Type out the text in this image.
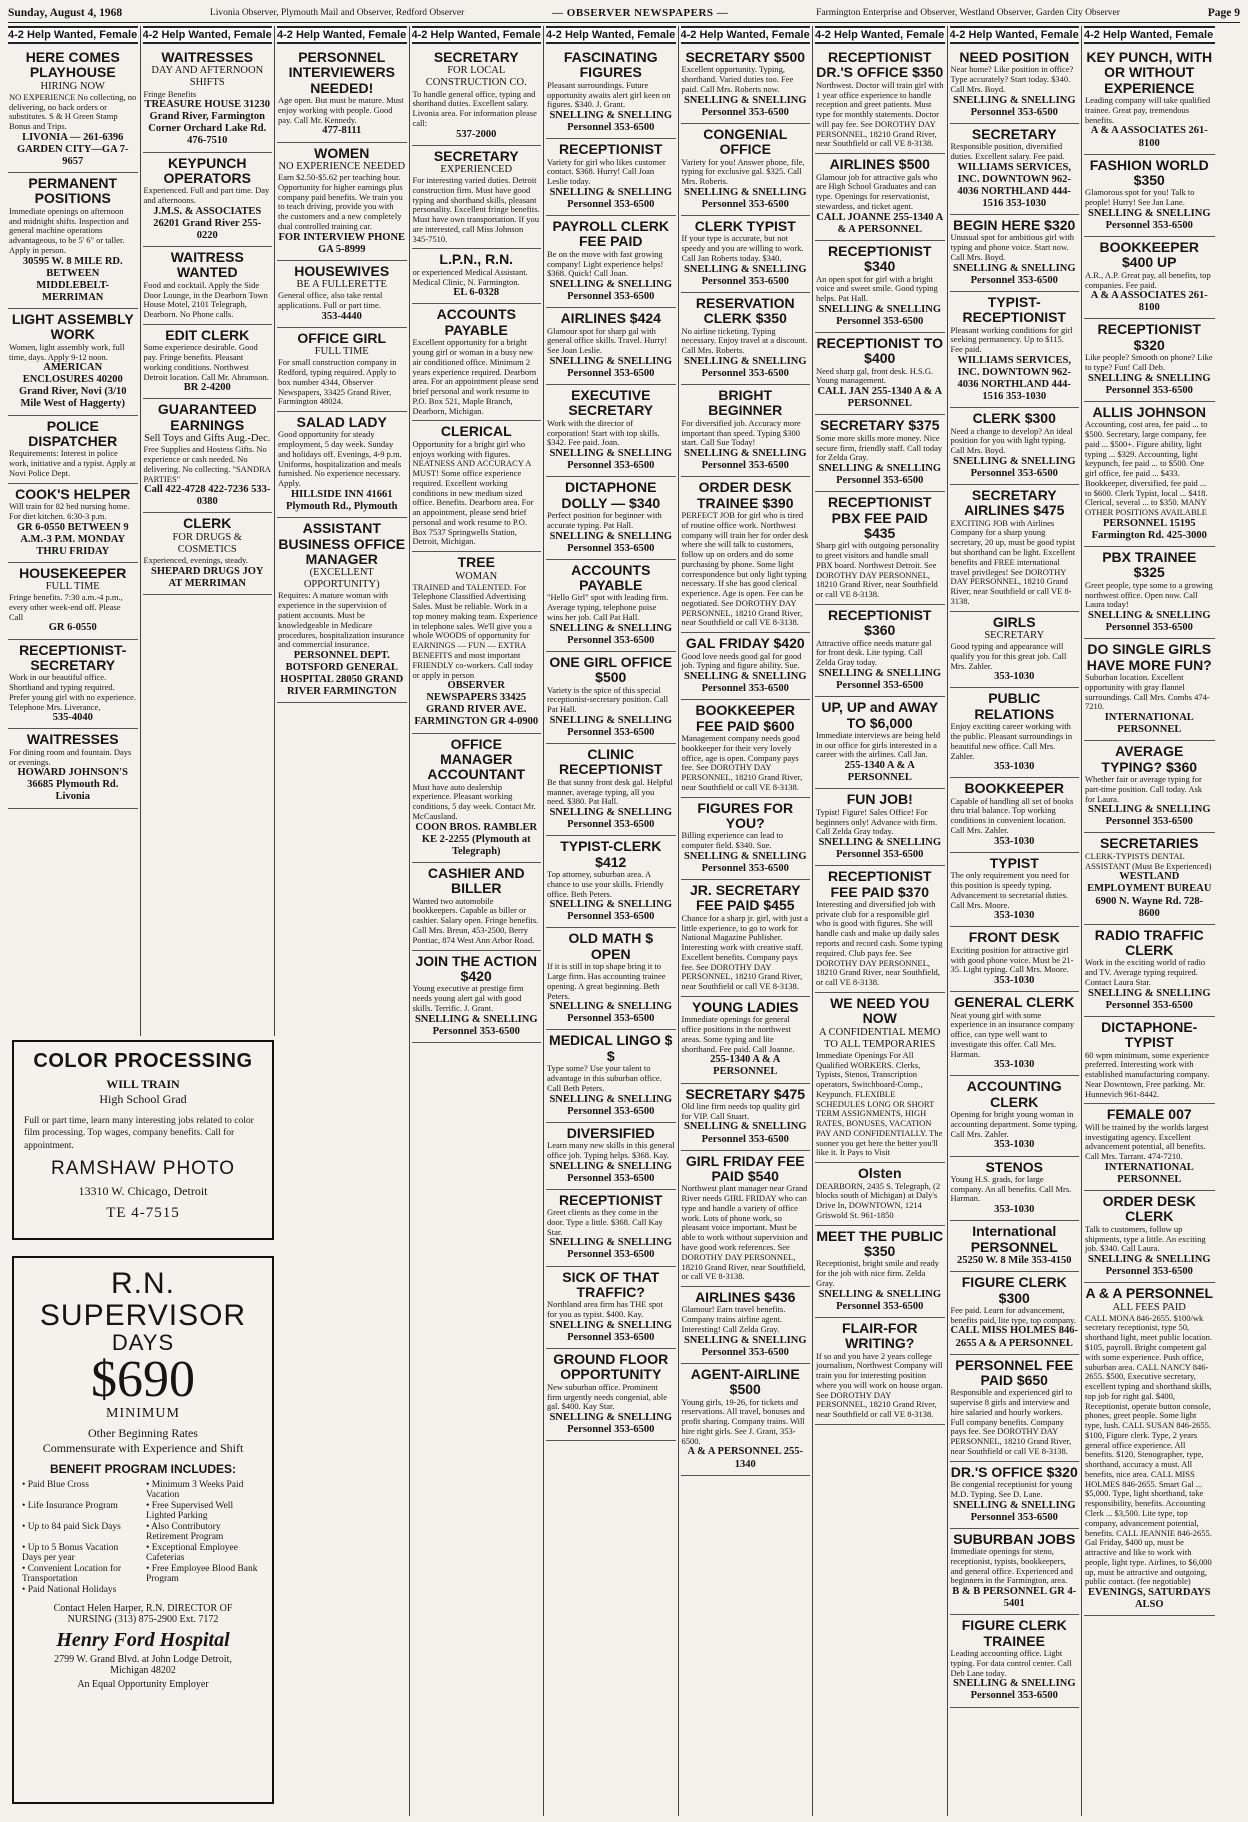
Sunday, August 4, 1968	Livonia Observer, Plymouth Mail and Observer, Redford Observer	— OBSERVER NEWSPAPERS —	Farmington Enterprise and Observer, Westland Observer, Garden City Observer	Page 9
4-2 Help Wanted, Female
HERE COMES PLAYHOUSE
HIRING NOW
NO EXPERIENCE No collecting, no delivering, no back orders or substitutes. S & H Green Stamp Bonus and Trips.
LIVONIA — 261-6396 GARDEN CITY—GA 7-9657
PERMANENT POSITIONS
Immediate openings on afternoon and midnight shifts. Inspection and general machine operations advantageous, to be 5' 6" or taller. Apply in person.
30595 W. 8 MILE RD. BETWEEN MIDDLEBELT-MERRIMAN
LIGHT ASSEMBLY WORK
Women, light assembly work, full time, days. Apply 9-12 noon.
AMERICAN ENCLOSURES 40200 Grand River, Novi (3/10 Mile West of Haggerty)
POLICE DISPATCHER
Requirements: Interest in police work, initiative and a typist. Apply at Novi Police Dept.
COOK'S HELPER
Will train for 82 bed nursing home. For diet kitchen. 6:30-3 p.m.
GR 6-0550 BETWEEN 9 A.M.-3 P.M. MONDAY THRU FRIDAY
HOUSEKEEPER
FULL TIME
Fringe benefits. 7:30 a.m.-4 p.m., every other week-end off. Please Call
GR 6-0550
RECEPTIONIST-SECRETARY
Work in our beautiful office. Shorthand and typing required. Prefer young girl with no experience. Telephone Mrs. Liverance,
535-4040
WAITRESSES
For dining room and fountain. Days or evenings.
HOWARD JOHNSON'S 36685 Plymouth Rd. Livonia
4-2 Help Wanted, Female
WAITRESSES
DAY AND AFTERNOON SHIFTS
Fringe Benefits
TREASURE HOUSE 31230 Grand River, Farmington Corner Orchard Lake Rd. 476-7510
KEYPUNCH OPERATORS
Experienced. Full and part time. Day and afternoons.
J.M.S. & ASSOCIATES 26201 Grand River 255-0220
WAITRESS WANTED
Food and cocktail. Apply the Side Door Lounge, in the Dearborn Town House Motel, 2101 Telegraph, Dearborn. No Phone calls.
EDIT CLERK
Some experience desirable. Good pay. Fringe benefits. Pleasant working conditions. Northwest Detroit location. Call Mr. Abramson.
BR 2-4200
GUARANTEED EARNINGS
Sell Toys and Gifts Aug.-Dec.
Free Supplies and Hostess Gifts. No experience or cash needed. No delivering. No collecting. "SANDRA PARTIES"
Call 422-4728 422-7236 533-0380
CLERK
FOR DRUGS & COSMETICS
Experienced, evenings, steady.
SHEPARD DRUGS JOY AT MERRIMAN
4-2 Help Wanted, Female
PERSONNEL INTERVIEWERS NEEDED!
Age open. But must be mature. Must enjoy working with people. Good pay. Call Mr. Kennedy.
477-8111
WOMEN
NO EXPERIENCE NEEDED
Earn $2.50-$5.62 per teaching hour. Opportunity for higher earnings plus company paid benefits. We train you to teach driving, provide you with the customers and a new completely dual controlled training car.
FOR INTERVIEW PHONE GA 5-8999
HOUSEWIVES
BE A FULLERETTE
General office, also take rental applications. Full or part time.
353-4440
OFFICE GIRL
FULL TIME
For small construction company in Redford, typing required. Apply to box number 4344, Observer Newspapers, 33425 Grand River, Farmington 48024.
SALAD LADY
Good opportunity for steady employment, 5 day week. Sunday and holidays off. Evenings, 4-9 p.m. Uniforms, hospitalization and meals furnished. No experience necessary. Apply.
HILLSIDE INN 41661 Plymouth Rd., Plymouth
ASSISTANT BUSINESS OFFICE MANAGER
(EXCELLENT OPPORTUNITY)
Requires: A mature woman with experience in the supervision of patient accounts. Must be knowledgeable in Medicare procedures, hospitalization insurance and commercial insurance.
PERSONNEL DEPT. BOTSFORD GENERAL HOSPITAL 28050 GRAND RIVER FARMINGTON
4-2 Help Wanted, Female
SECRETARY
FOR LOCAL CONSTRUCTION CO.
To handle general office, typing and shorthand duties. Excellent salary. Livonia area. For information please call:
537-2000
SECRETARY
EXPERIENCED
For interesting varied duties. Detroit construction firm. Must have good typing and shorthand skills, pleasant personality. Excellent fringe benefits. Must have own transportation. If you are interested, call Miss Johnson 345-7510.
L.P.N., R.N.
or experienced Medical Assistant. Medical Clinic, N. Farmington.
EL 6-0328
ACCOUNTS PAYABLE
Excellent opportunity for a bright young girl or woman in a busy new air conditioned office. Minimum 2 years experience required. Dearborn area. For an appointment please send brief personal and work resume to P.O. Box 521, Maple Branch, Dearborn, Michigan.
CLERICAL
Opportunity for a bright girl who enjoys working with figures. NEATNESS AND ACCURACY A MUST! Some office experience required. Excellent working conditions in new medium sized office. Benefits. Dearborn area. For an appointment, please send brief personal and work resume to P.O. Box 7537 Springwells Station, Detroit, Michigan.
TREE
WOMAN
TRAINED and TALENTED. For Telephone Classified Advertising Sales. Must be reliable. Work in a top money making team. Experience in telephone sales. We'll give you a whole WOODS of opportunity for EARNINGS — FUN — EXTRA BENEFITS and most important FRIENDLY co-workers. Call today or apply in person
OBSERVER NEWSPAPERS 33425 GRAND RIVER AVE. FARMINGTON GR 4-0900
OFFICE MANAGER ACCOUNTANT
Must have auto dealership experience. Pleasant working conditions, 5 day week. Contact Mr. McCausland.
COON BROS. RAMBLER KE 2-2255 (Plymouth at Telegraph)
CASHIER AND BILLER
Wanted two automobile bookkeepers. Capable as biller or cashier. Salary open. Fringe benefits. Call Mrs. Breun, 453-2500, Berry Pontiac, 874 West Ann Arbor Road.
JOIN THE ACTION $420
Young executive at prestige firm needs young alert gal with good skills. Terrific. J. Grant.
SNELLING & SNELLING Personnel 353-6500
4-2 Help Wanted, Female
FASCINATING FIGURES
Pleasant surroundings. Future opportunity awaits alert girl keen on figures. $340. J. Grant.
SNELLING & SNELLING Personnel 353-6500
RECEPTIONIST
Variety for girl who likes customer contact. $368. Hurry! Call Joan Leslie today.
SNELLING & SNELLING Personnel 353-6500
PAYROLL CLERK FEE PAID
Be on the move with fast growing company! Light experience helps! $368. Quick! Call Joan.
SNELLING & SNELLING Personnel 353-6500
AIRLINES $424
Glamour spot for sharp gal with general office skills. Travel. Hurry! See Joan Leslie.
SNELLING & SNELLING Personnel 353-6500
EXECUTIVE SECRETARY
Work with the director of corporation! Start with top skills. $342. Fee paid. Joan.
SNELLING & SNELLING Personnel 353-6500
DICTAPHONE DOLLY — $340
Perfect position for beginner with accurate typing. Pat Hall.
SNELLING & SNELLING Personnel 353-6500
ACCOUNTS PAYABLE
"Hello Girl" spot with leading firm. Average typing, telephone poise wins her job. Call Pat Hall.
SNELLING & SNELLING Personnel 353-6500
ONE GIRL OFFICE $500
Variety is the spice of this special receptionist-secretary position. Call Pat Hall.
SNELLING & SNELLING Personnel 353-6500
CLINIC RECEPTIONIST
Be that sunny front desk gal. Helpful manner, average typing, all you need. $380. Pat Hall.
SNELLING & SNELLING Personnel 353-6500
TYPIST-CLERK $412
Top attorney, suburban area. A chance to use your skills. Friendly office. Beth Peters.
SNELLING & SNELLING Personnel 353-6500
OLD MATH $ OPEN
If it is still in top shape bring it to Large firm. Has accounting trainee opening. A great beginning. Beth Peters.
SNELLING & SNELLING Personnel 353-6500
MEDICAL LINGO $ $
Type some? Use your talent to advantage in this suburban office. Call Beth Peters.
SNELLING & SNELLING Personnel 353-6500
DIVERSIFIED
Learn many new skills in this general office job. Typing helps. $368. Kay.
SNELLING & SNELLING Personnel 353-6500
RECEPTIONIST
Greet clients as they come in the door. Type a little. $368. Call Kay Star.
SNELLING & SNELLING Personnel 353-6500
SICK OF THAT TRAFFIC?
Northland area firm has THE spot for you as typist. $400. Kay.
SNELLING & SNELLING Personnel 353-6500
GROUND FLOOR OPPORTUNITY
New suburban office. Prominent firm urgently needs congenial, able gal. $400. Kay Star.
SNELLING & SNELLING Personnel 353-6500
4-2 Help Wanted, Female
SECRETARY $500
Excellent opportunity. Typing, shorthand. Varied duties too. Fee paid. Call Mrs. Roberts now.
SNELLING & SNELLING Personnel 353-6500
CONGENIAL OFFICE
Variety for you! Answer phone, file, typing for exclusive gal. $325. Call Mrs. Roberts.
SNELLING & SNELLING Personnel 353-6500
CLERK TYPIST
If your type is accurate, but not speedy and you are willing to work. Call Jan Roberts today. $340.
SNELLING & SNELLING Personnel 353-6500
RESERVATION CLERK $350
No airline ticketing. Typing necessary. Enjoy travel at a discount. Call Mrs. Roberts.
SNELLING & SNELLING Personnel 353-6500
BRIGHT BEGINNER
For diversified job. Accuracy more important than speed. Typing $300 start. Call Sue Today!
SNELLING & SNELLING Personnel 353-6500
ORDER DESK TRAINEE $390
PERFECT JOB for girl who is tired of routine office work. Northwest company will train her for order desk where she will talk to customers, follow up on orders and do some purchasing by phone. Some light correspondence but only light typing necessary. If she has good clerical experience. Age is open. Fee can be negotiated. See DOROTHY DAY PERSONNEL, 18210 Grand River, near Southfield or call VE 8-3138.
GAL FRIDAY $420
Good love needs good gal for good job. Typing and figure ability. Sue.
SNELLING & SNELLING Personnel 353-6500
BOOKKEEPER FEE PAID $600
Management company needs good bookkeeper for their very lovely office, age is open. Company pays fee. See DOROTHY DAY PERSONNEL, 18210 Grand River, near Southfield or call VE 8-3138.
FIGURES FOR YOU?
Billing experience can lead to computer field. $340. Sue.
SNELLING & SNELLING Personnel 353-6500
JR. SECRETARY FEE PAID $455
Chance for a sharp jr. girl, with just a little experience, to go to work for National Magazine Publisher. Interesting work with creative staff. Excellent benefits. Company pays fee. See DOROTHY DAY PERSONNEL, 18210 Grand River, near Southfield or call VE 8-3138.
YOUNG LADIES
Immediate openings for general office positions in the northwest areas. Some typing and lite shorthand. Fee paid. Call Joanne.
255-1340 A & A PERSONNEL
SECRETARY $475
Old line firm needs top quality girl for VIP. Call Stuart.
SNELLING & SNELLING Personnel 353-6500
GIRL FRIDAY FEE PAID $540
Northwest plant manager near Grand River needs GIRL FRIDAY who can type and handle a variety of office work. Lots of phone work, so pleasant voice important. Must be able to work without supervision and have good work references. See DOROTHY DAY PERSONNEL, 18210 Grand River, near Southfield, or call VE 8-3138.
AIRLINES $436
Glamour! Earn travel benefits. Company trains airline agent. Interesting! Call Zelda Gray.
SNELLING & SNELLING Personnel 353-6500
AGENT-AIRLINE $500
Young girls, 19-26, for tickets and reservations. All travel, bonuses and profit sharing. Company trains. Will hire right girls. See J. Grant, 353-6500.
A & A PERSONNEL 255-1340
4-2 Help Wanted, Female
RECEPTIONIST DR.'S OFFICE $350
Northwest. Doctor will train girl with 1 year office experience to handle reception and greet patients. Must type for monthly statements. Doctor will pay fee. See DOROTHY DAY PERSONNEL, 18210 Grand River, near Southfield or call VE 8-3138.
AIRLINES $500
Glamour job for attractive gals who are High School Graduates and can type. Openings for reservationist, stewardess, and ticket agent.
CALL JOANNE 255-1340 A & A PERSONNEL
RECEPTIONIST $340
An open spot for girl with a bright voice and sweet smile. Good typing helps. Pat Hall.
SNELLING & SNELLING Personnel 353-6500
RECEPTIONIST TO $400
Need sharp gal, front desk. H.S.G. Young management.
CALL JAN 255-1340 A & A PERSONNEL
SECRETARY $375
Some more skills more money. Nice secure firm, friendly staff. Call today for Zelda Gray.
SNELLING & SNELLING Personnel 353-6500
RECEPTIONIST PBX FEE PAID $435
Sharp girl with outgoing personality to greet visitors and handle small PBX board. Northwest Detroit. See DOROTHY DAY PERSONNEL, 18210 Grand River, near Southfield or call VE 8-3138.
RECEPTIONIST $360
Attractive office needs mature gal for front desk. Lite typing. Call Zelda Gray today.
SNELLING & SNELLING Personnel 353-6500
UP, UP and AWAY TO $6,000
Immediate interviews are being held in our office for girls interested in a career with the airlines. Call Jan.
255-1340 A & A PERSONNEL
FUN JOB!
Typist! Figure! Sales Office! For beginners only! Advance with firm. Call Zelda Gray today.
SNELLING & SNELLING Personnel 353-6500
RECEPTIONIST FEE PAID $370
Interesting and diversified job with private club for a responsible girl who is good with figures. She will handle cash and make up daily sales reports and record cash. Some typing required. Club pays fee. See DOROTHY DAY PERSONNEL, 18210 Grand River, near Southfield, or call VE 8-3138.
WE NEED YOU NOW
A CONFIDENTIAL MEMO TO ALL TEMPORARIES
Immediate Openings For All Qualified WORKERS. Clerks, Typists, Stenos, Transcription operators, Switchboard-Comp., Keypunch. FLEXIBLE SCHEDULES LONG OR SHORT TERM ASSIGNMENTS, HIGH RATES, BONUSES, VACATION PAY AND CONFIDENTIALLY. The sooner you get here the better you'll like it. It Pays to Visit
Olsten
DEARBORN, 2435 S. Telegraph, (2 blocks south of Michigan) at Daly's Drive In, DOWNTOWN, 1214 Griswold St. 961-1850
MEET THE PUBLIC $350
Receptionist, bright smile and ready for the job with nice firm. Zelda Gray.
SNELLING & SNELLING Personnel 353-6500
FLAIR-FOR WRITING?
If so and you have 2 years college journalism, Northwest Company will train you for interesting position where you will work on house organ. See DOROTHY DAY PERSONNEL, 18210 Grand River, near Southfield or call VE 8-3138.
4-2 Help Wanted, Female
NEED POSITION
Near home? Like position in office? Type accurately? Start today. $340. Call Mrs. Boyd.
SNELLING & SNELLING Personnel 353-6500
SECRETARY
Responsible position, diversified duties. Excellent salary. Fee paid.
WILLIAMS SERVICES, INC. DOWNTOWN 962-4036 NORTHLAND 444-1516 353-1030
BEGIN HERE $320
Unusual spot for ambitious girl with typing and phone voice. Start now. Call Mrs. Boyd.
SNELLING & SNELLING Personnel 353-6500
TYPIST-RECEPTIONIST
Pleasant working conditions for girl seeking permanency. Up to $115. Fee paid.
WILLIAMS SERVICES, INC. DOWNTOWN 962-4036 NORTHLAND 444-1516 353-1030
CLERK $300
Need a change to develop? An ideal position for you with light typing. Call Mrs. Boyd.
SNELLING & SNELLING Personnel 353-6500
SECRETARY AIRLINES $475
EXCITING JOB with Airlines Company for a sharp young secretary, 20 up, must be good typist but shorthand can be light. Excellent benefits and FREE international travel privileges! See DOROTHY DAY PERSONNEL, 18210 Grand River, near Southfield or call VE 8-3138.
GIRLS
SECRETARY
Good typing and appearance will qualify you for this great job. Call Mrs. Zahler.
353-1030
PUBLIC RELATIONS
Enjoy exciting career working with the public. Pleasant surroundings in beautiful new office. Call Mrs. Zahler.
353-1030
BOOKKEEPER
Capable of handling all set of books thru trial balance. Top working conditions in convenient location. Call Mrs. Zahler.
353-1030
TYPIST
The only requirement you need for this position is speedy typing. Advancement to secretarial duties. Call Mrs. Moore.
353-1030
FRONT DESK
Exciting position for attractive girl with good phone voice. Must be 21-35. Light typing. Call Mrs. Moore.
353-1030
GENERAL CLERK
Neat young girl with some experience in an insurance company office, can type well want to investigate this offer. Call Mrs. Harman.
353-1030
ACCOUNTING CLERK
Opening for bright young woman in accounting department. Some typing. Call Mrs. Zahler.
353-1030
STENOS
Young H.S. grads, for large company. An all benefits. Call Mrs. Harman.
353-1030
International PERSONNEL
25250 W. 8 Mile 353-4150
FIGURE CLERK $300
Fee paid. Learn for advancement, benefits paid, lite type, top company.
CALL MISS HOLMES 846-2655 A & A PERSONNEL
PERSONNEL FEE PAID $650
Responsible and experienced girl to supervise 8 girls and interview and hire salaried and hourly workers. Full company benefits. Company pays fee. See DOROTHY DAY PERSONNEL, 18210 Grand River, near Southfield or call VE 8-3138.
DR.'S OFFICE $320
Be congenial receptionist for young M.D. Typing. See D. Lane.
SNELLING & SNELLING Personnel 353-6500
SUBURBAN JOBS
Immediate openings for steno, receptionist, typists, bookkeepers, and general office. Experienced and beginners in the Farmington, area.
B & B PERSONNEL GR 4-5401
FIGURE CLERK TRAINEE
Leading accounting office. Light typing. For data control center. Call Deb Lane today.
SNELLING & SNELLING Personnel 353-6500
4-2 Help Wanted, Female
KEY PUNCH, WITH OR WITHOUT EXPERIENCE
Leading company will take qualified trainee. Great pay, tremendous benefits.
A & A ASSOCIATES 261-8100
FASHION WORLD $350
Glamorous spot for you! Talk to people! Hurry! See Jan Lane.
SNELLING & SNELLING Personnel 353-6500
BOOKKEEPER $400 UP
A.R., A.P. Great pay, all benefits, top companies. Fee paid.
A & A ASSOCIATES 261-8100
RECEPTIONIST $320
Like people? Smooth on phone? Like to type? Fun! Call Deb.
SNELLING & SNELLING Personnel 353-6500
ALLIS JOHNSON
Accounting, cost area, fee paid ... to $500. Secretary, large company, fee paid ... $500+. Figure ability, light typing ... $329. Accounting, light keypunch, fee paid ... to $500. One girl office, fee paid ... $433. Bookkeeper, diversified, fee paid ... to $600. Clerk Typist, local ... $418. Clerical, several ... to $350. MANY OTHER POSITIONS AVAILABLE
PERSONNEL 15195 Farmington Rd. 425-3000
PBX TRAINEE $325
Greet people, type some to a growing northwest office. Open now. Call Laura today!
SNELLING & SNELLING Personnel 353-6500
DO SINGLE GIRLS HAVE MORE FUN?
Suburban location. Excellent opportunity with gray flannel surroundings. Call Mrs. Combs 474-7210.
INTERNATIONAL PERSONNEL
AVERAGE TYPING? $360
Whether fair or average typing for part-time position. Call today. Ask for Laura.
SNELLING & SNELLING Personnel 353-6500
SECRETARIES
CLERK-TYPISTS DENTAL ASSISTANT (Must Be Experienced)
WESTLAND EMPLOYMENT BUREAU 6900 N. Wayne Rd. 728-8600
RADIO TRAFFIC CLERK
Work in the exciting world of radio and TV. Average typing required. Contact Laura Star.
SNELLING & SNELLING Personnel 353-6500
DICTAPHONE-TYPIST
60 wpm minimum, some experience preferred. Interesting work with established manufacturing company. Near Downtown, Free parking. Mr. Hunnevich 961-8442.
FEMALE 007
Will be trained by the worlds largest investigating agency. Excellent advancement potential, all benefits. Call Mrs. Tarrant. 474-7210.
INTERNATIONAL PERSONNEL
ORDER DESK CLERK
Talk to customers, follow up shipments, type a little. An exciting job. $340. Call Laura.
SNELLING & SNELLING Personnel 353-6500
A & A PERSONNEL
ALL FEES PAID
CALL MONA 846-2655. $100/wk secretary receptionist, type 50, shorthand light, meet public location. $105, payroll. Bright competent gal with some experience. Push office, suburban area. CALL NANCY 846-2655. $500, Executive secretary, excellent typing and shorthand skills, top job for right gal. $400, Receptionist, operate button console, phones, greet people. Some light type, lush. CALL SUSAN 846-2655. $100, Figure clerk. Type, 2 years general office experience. All benefits. $120, Stenographer, type, shorthand, accuracy a must. All benefits, nice area. CALL MISS HOLMES 846-2655. Smart Gal ... $5,000. Type, light shorthand, take responsibility, benefits. Accounting Clerk ... $3,500. Lite type, top company, advancement potential, benefits. CALL JEANNIE 846-2655. Gal Friday, $400 up, must be attractive and like to work with people, light type. Airlines, to $6,000 up, must be attractive and outgoing, public contact. (fee negotiable)
EVENINGS, SATURDAYS ALSO
COLOR PROCESSING
WILL TRAIN
High School Grad
Full or part time, learn many interesting jobs related to color film processing. Top wages, company benefits. Call for appointment.
RAMSHAW PHOTO
13310 W. Chicago, Detroit
TE 4-7515
R.N.
SUPERVISOR
DAYS
$690
MINIMUM
Other Beginning Rates
Commensurate with Experience and Shift
BENEFIT PROGRAM INCLUDES:
• Paid Blue Cross	• Minimum 3 Weeks Paid Vacation
• Life Insurance Program	• Free Supervised Well Lighted Parking
• Up to 84 paid Sick Days	• Also Contributory Retirement Program
• Up to 5 Bonus Vacation Days per year
• Exceptional Employee Cafeterias
• Convenient Location for Transportation
• Free Employee Blood Bank Program
• Paid National Holidays
Contact Helen Harper, R.N. DIRECTOR OF NURSING (313) 875-2900 Ext. 7172
Henry Ford Hospital
2799 W. Grand Blvd. at John Lodge Detroit, Michigan 48202
An Equal Opportunity Employer
